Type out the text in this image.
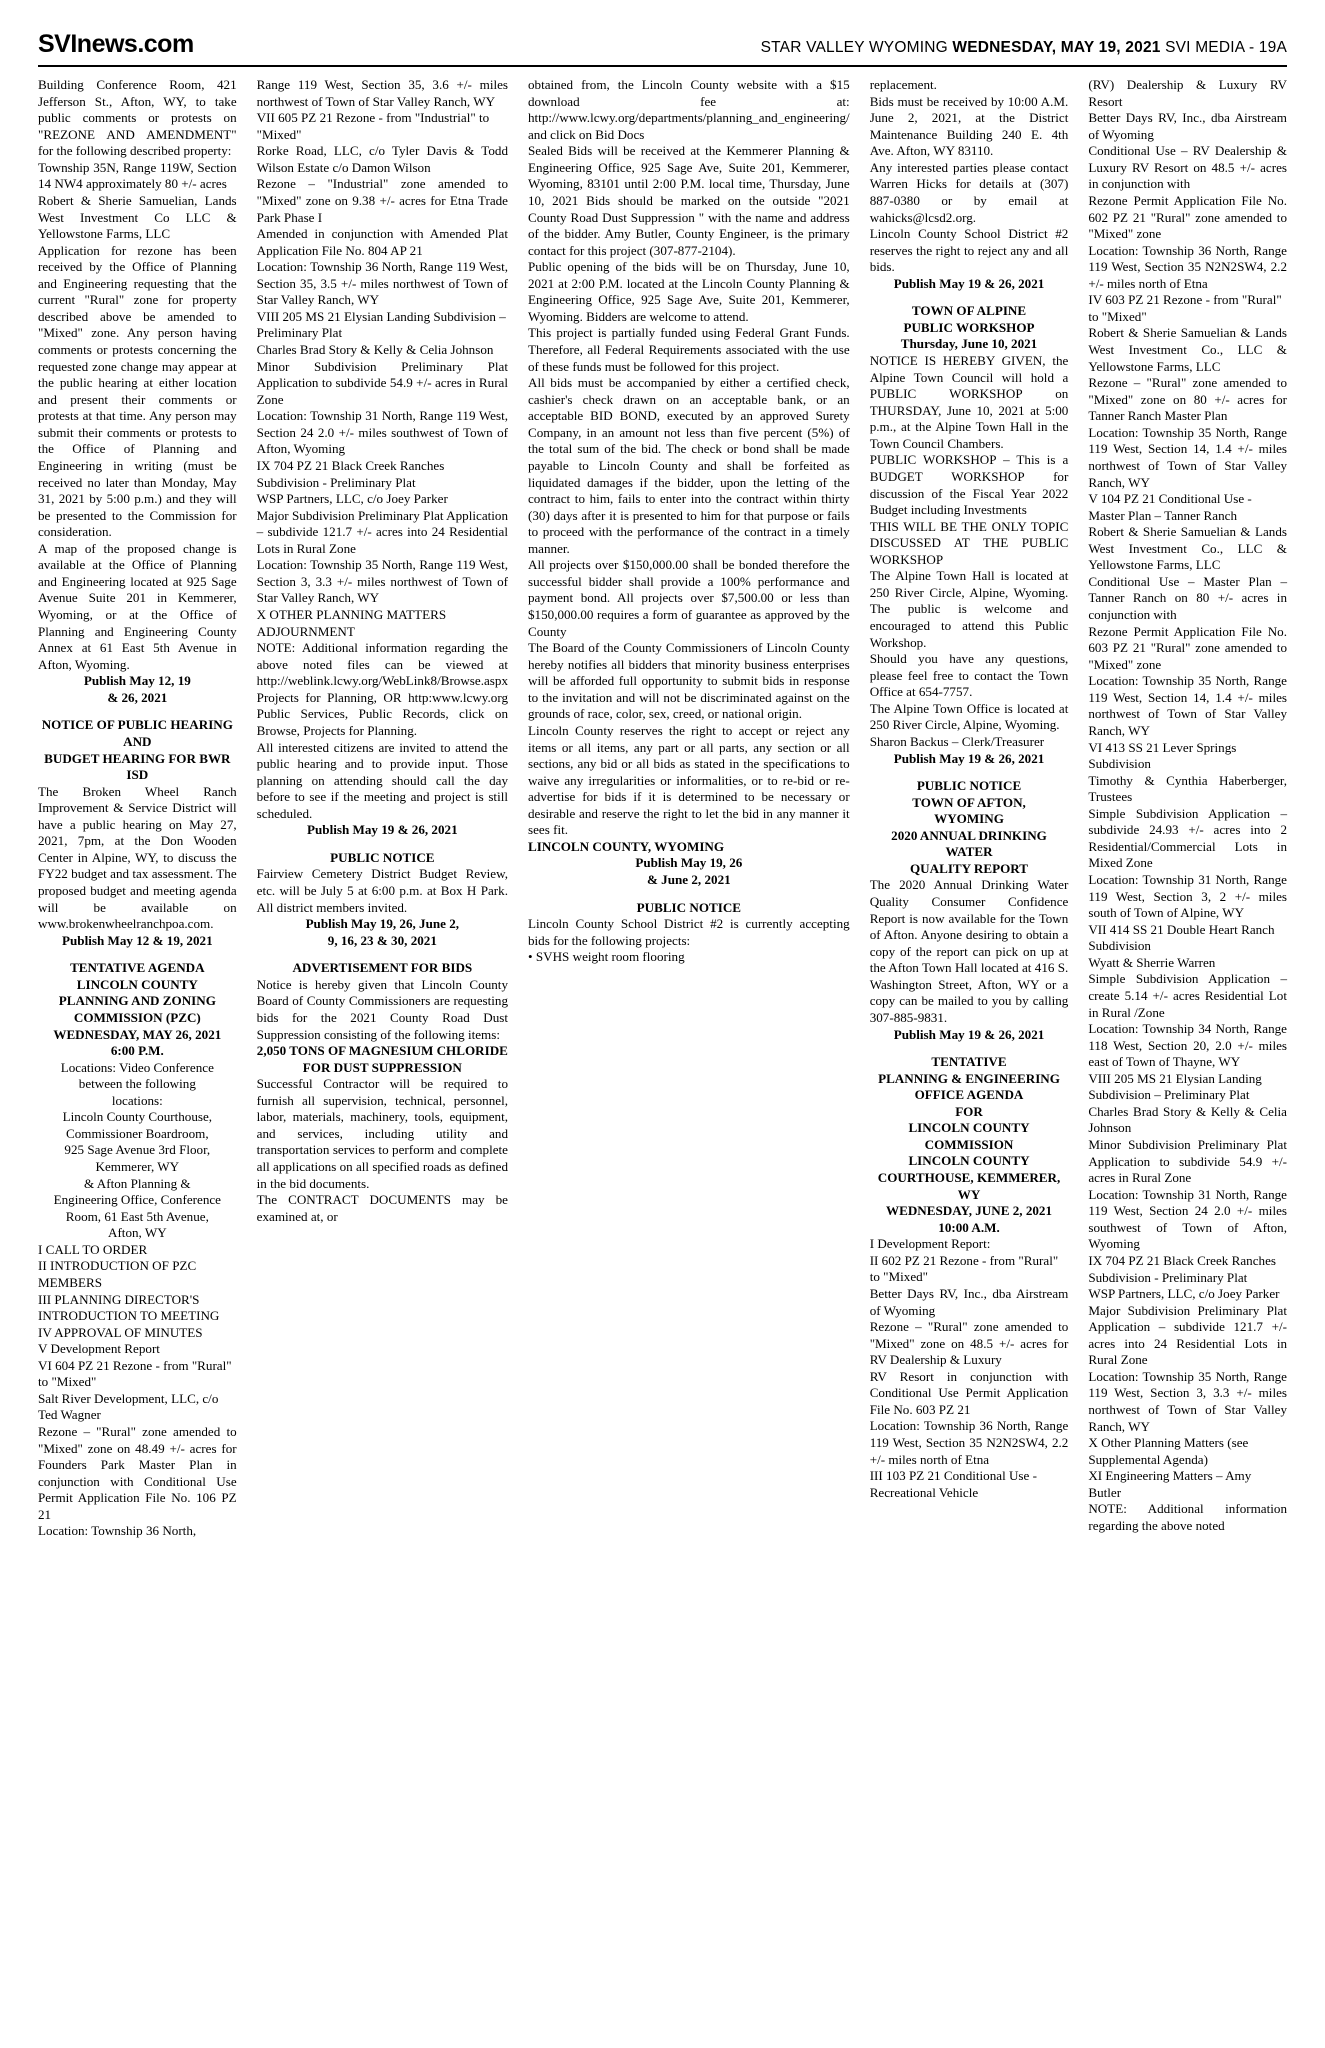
SVInews.com	STAR VALLEY WYOMING WEDNESDAY, MAY 19, 2021 SVI MEDIA - 19A

Building Conference Room, 421 Jefferson St., Afton, WY, to take public comments or protests on "REZONE AND AMENDMENT" for the following described property:

Township 35N, Range 119W, Section 14 NW4 approximately 80 +/- acres

Robert & Sherie Samuelian, Lands West Investment Co LLC & Yellowstone Farms, LLC

Application for rezone has been received by the Office of Planning and Engineering requesting that the current "Rural" zone for property described above be amended to "Mixed" zone. Any person having comments or protests concerning the requested zone change may appear at the public hearing at either location and present their comments or protests at that time. Any person may submit their comments or protests to the Office of Planning and Engineering in writing (must be received no later than Monday, May 31, 2021 by 5:00 p.m.) and they will be presented to the Commission for consideration.

A map of the proposed change is available at the Office of Planning and Engineering located at 925 Sage Avenue Suite 201 in Kemmerer, Wyoming, or at the Office of Planning and Engineering County Annex at 61 East 5th Avenue in Afton, Wyoming.

Publish May 12, 19

& 26, 2021

NOTICE OF PUBLIC HEARING

AND

BUDGET HEARING FOR BWR

ISD

The Broken Wheel Ranch Improvement & Service District will have a public hearing on May 27, 2021, 7pm, at the Don Wooden Center in Alpine, WY, to discuss the FY22 budget and tax assessment. The proposed budget and meeting agenda will be available on www.brokenwheelranchpoa.com.

Publish May 12 & 19, 2021

TENTATIVE AGENDA

LINCOLN COUNTY

PLANNING AND ZONING

COMMISSION (PZC)

WEDNESDAY, MAY 26, 2021

6:00 P.M.

Locations: Video Conference

between the following

locations:

Lincoln County Courthouse,

Commissioner Boardroom,

925 Sage Avenue 3rd Floor,

Kemmerer, WY

& Afton Planning &

Engineering Office, Conference

Room, 61 East 5th Avenue,

Afton, WY

I CALL TO ORDER

II INTRODUCTION OF PZC MEMBERS

III PLANNING DIRECTOR'S INTRODUCTION TO MEETING

IV APPROVAL OF MINUTES

V Development Report

VI 604 PZ 21 Rezone - from "Rural" to "Mixed"

Salt River Development, LLC, c/o Ted Wagner

Rezone – "Rural" zone amended to "Mixed" zone on 48.49 +/- acres for Founders Park Master Plan in conjunction with Conditional Use Permit Application File No. 106 PZ 21

Location: Township 36 North,

Range 119 West, Section 35, 3.6 +/- miles northwest of Town of Star Valley Ranch, WY

VII 605 PZ 21 Rezone - from "Industrial" to "Mixed"

Rorke Road, LLC, c/o Tyler Davis & Todd Wilson Estate c/o Damon Wilson

Rezone – "Industrial" zone amended to "Mixed" zone on 9.38 +/- acres for Etna Trade Park Phase I

Amended in conjunction with Amended Plat Application File No. 804 AP 21

Location: Township 36 North, Range 119 West, Section 35, 3.5 +/- miles northwest of Town of Star Valley Ranch, WY

VIII 205 MS 21 Elysian Landing Subdivision – Preliminary Plat

Charles Brad Story & Kelly & Celia Johnson

Minor Subdivision Preliminary Plat Application to subdivide 54.9 +/- acres in Rural Zone

Location: Township 31 North, Range 119 West, Section 24 2.0 +/- miles southwest of Town of Afton, Wyoming

IX 704 PZ 21 Black Creek Ranches Subdivision - Preliminary Plat

WSP Partners, LLC, c/o Joey Parker

Major Subdivision Preliminary Plat Application – subdivide 121.7 +/- acres into 24 Residential Lots in Rural Zone

Location: Township 35 North, Range 119 West, Section 3, 3.3 +/- miles northwest of Town of Star Valley Ranch, WY

X OTHER PLANNING MATTERS

ADJOURNMENT

NOTE: Additional information regarding the above noted files can be viewed at http://weblink.lcwy.org/WebLink8/Browse.aspx Projects for Planning, OR http:www.lcwy.org Public Services, Public Records, click on Browse, Projects for Planning.

All interested citizens are invited to attend the public hearing and to provide input. Those planning on attending should call the day before to see if the meeting and project is still scheduled.

Publish May 19 & 26, 2021

PUBLIC NOTICE

Fairview Cemetery District Budget Review, etc. will be July 5 at 6:00 p.m. at Box H Park. All district members invited.

Publish May 19, 26, June 2,

9, 16, 23 & 30, 2021

ADVERTISEMENT FOR BIDS

Notice is hereby given that Lincoln County Board of County Commissioners are requesting bids for the 2021 County Road Dust Suppression consisting of the following items:

2,050 TONS OF MAGNESIUM CHLORIDE FOR DUST SUPPRESSION

Successful Contractor will be required to furnish all supervision, technical, personnel, labor, materials, machinery, tools, equipment, and services, including utility and transportation services to perform and complete all applications on all specified roads as defined in the bid documents.

The CONTRACT DOCUMENTS may be examined at, or

obtained from, the Lincoln County website with a $15 download fee at: http://www.lcwy.org/departments/planning_and_engineering/ and click on Bid Docs

Sealed Bids will be received at the Kemmerer Planning & Engineering Office, 925 Sage Ave, Suite 201, Kemmerer, Wyoming, 83101 until 2:00 P.M. local time, Thursday, June 10, 2021 Bids should be marked on the outside "2021 County Road Dust Suppression " with the name and address of the bidder. Amy Butler, County Engineer, is the primary contact for this project (307-877-2104).

Public opening of the bids will be on Thursday, June 10, 2021 at 2:00 P.M. located at the Lincoln County Planning & Engineering Office, 925 Sage Ave, Suite 201, Kemmerer, Wyoming. Bidders are welcome to attend.

This project is partially funded using Federal Grant Funds. Therefore, all Federal Requirements associated with the use of these funds must be followed for this project.

All bids must be accompanied by either a certified check, cashier's check drawn on an acceptable bank, or an acceptable BID BOND, executed by an approved Surety Company, in an amount not less than five percent (5%) of the total sum of the bid. The check or bond shall be made payable to Lincoln County and shall be forfeited as liquidated damages if the bidder, upon the letting of the contract to him, fails to enter into the contract within thirty (30) days after it is presented to him for that purpose or fails to proceed with the performance of the contract in a timely manner.

All projects over $150,000.00 shall be bonded therefore the successful bidder shall provide a 100% performance and payment bond. All projects over $7,500.00 or less than $150,000.00 requires a form of guarantee as approved by the County

The Board of the County Commissioners of Lincoln County hereby notifies all bidders that minority business enterprises will be afforded full opportunity to submit bids in response to the invitation and will not be discriminated against on the grounds of race, color, sex, creed, or national origin.

Lincoln County reserves the right to accept or reject any items or all items, any part or all parts, any section or all sections, any bid or all bids as stated in the specifications to waive any irregularities or informalities, or to re-bid or re-advertise for bids if it is determined to be necessary or desirable and reserve the right to let the bid in any manner it sees fit.

LINCOLN COUNTY, WYOMING

Publish May 19, 26

& June 2, 2021

PUBLIC NOTICE

Lincoln County School District #2 is currently accepting bids for the following projects:

• SVHS weight room flooring

replacement.

Bids must be received by 10:00 A.M. June 2, 2021, at the District Maintenance Building 240 E. 4th Ave. Afton, WY 83110.

Any interested parties please contact Warren Hicks for details at (307) 887-0380 or by email at wahicks@lcsd2.org.

Lincoln County School District #2 reserves the right to reject any and all bids.

Publish May 19 & 26, 2021

TOWN OF ALPINE

PUBLIC WORKSHOP

Thursday, June 10, 2021

NOTICE IS HEREBY GIVEN, the Alpine Town Council will hold a PUBLIC WORKSHOP on THURSDAY, June 10, 2021 at 5:00 p.m., at the Alpine Town Hall in the Town Council Chambers.

PUBLIC WORKSHOP – This is a BUDGET WORKSHOP for discussion of the Fiscal Year 2022 Budget including Investments

THIS WILL BE THE ONLY TOPIC DISCUSSED AT THE PUBLIC WORKSHOP

The Alpine Town Hall is located at 250 River Circle, Alpine, Wyoming. The public is welcome and encouraged to attend this Public Workshop.

Should you have any questions, please feel free to contact the Town Office at 654-7757.

The Alpine Town Office is located at 250 River Circle, Alpine, Wyoming.

Sharon Backus – Clerk/Treasurer

Publish May 19 & 26, 2021

PUBLIC NOTICE

TOWN OF AFTON,

WYOMING

2020 ANNUAL DRINKING

WATER

QUALITY REPORT

The 2020 Annual Drinking Water Quality Consumer Confidence Report is now available for the Town of Afton. Anyone desiring to obtain a copy of the report can pick on up at the Afton Town Hall located at 416 S. Washington Street, Afton, WY or a copy can be mailed to you by calling 307-885-9831.

Publish May 19 & 26, 2021

TENTATIVE

PLANNING & ENGINEERING

OFFICE AGENDA

FOR

LINCOLN COUNTY

COMMISSION

LINCOLN COUNTY

COURTHOUSE, KEMMERER,

WY

WEDNESDAY, JUNE 2, 2021

10:00 A.M.

I Development Report:

II 602 PZ 21 Rezone - from "Rural" to "Mixed"

Better Days RV, Inc., dba Airstream of Wyoming

Rezone – "Rural" zone amended to "Mixed" zone on 48.5 +/- acres for RV Dealership & Luxury

RV Resort in conjunction with Conditional Use Permit Application File No. 603 PZ 21

Location: Township 36 North, Range 119 West, Section 35 N2N2SW4, 2.2 +/- miles north of Etna

III 103 PZ 21 Conditional Use - Recreational Vehicle

(RV) Dealership & Luxury RV Resort

Better Days RV, Inc., dba Airstream of Wyoming

Conditional Use – RV Dealership & Luxury RV Resort on 48.5 +/- acres in conjunction with

Rezone Permit Application File No. 602 PZ 21 "Rural" zone amended to "Mixed" zone

Location: Township 36 North, Range 119 West, Section 35 N2N2SW4, 2.2 +/- miles north of Etna

IV 603 PZ 21 Rezone - from "Rural" to "Mixed"

Robert & Sherie Samuelian & Lands West Investment Co., LLC & Yellowstone Farms, LLC

Rezone – "Rural" zone amended to "Mixed" zone on 80 +/- acres for Tanner Ranch Master Plan

Location: Township 35 North, Range 119 West, Section 14, 1.4 +/- miles northwest of Town of Star Valley Ranch, WY

V 104 PZ 21 Conditional Use - Master Plan – Tanner Ranch

Robert & Sherie Samuelian & Lands West Investment Co., LLC & Yellowstone Farms, LLC

Conditional Use – Master Plan – Tanner Ranch on 80 +/- acres in conjunction with

Rezone Permit Application File No. 603 PZ 21 "Rural" zone amended to "Mixed" zone

Location: Township 35 North, Range 119 West, Section 14, 1.4 +/- miles northwest of Town of Star Valley Ranch, WY

VI 413 SS 21 Lever Springs Subdivision

Timothy & Cynthia Haberberger, Trustees

Simple Subdivision Application – subdivide 24.93 +/- acres into 2 Residential/Commercial Lots in Mixed Zone

Location: Township 31 North, Range 119 West, Section 3, 2 +/- miles south of Town of Alpine, WY

VII 414 SS 21 Double Heart Ranch Subdivision

Wyatt & Sherrie Warren

Simple Subdivision Application – create 5.14 +/- acres Residential Lot in Rural /Zone

Location: Township 34 North, Range 118 West, Section 20, 2.0 +/- miles east of Town of Thayne, WY

VIII 205 MS 21 Elysian Landing Subdivision – Preliminary Plat

Charles Brad Story & Kelly & Celia Johnson

Minor Subdivision Preliminary Plat Application to subdivide 54.9 +/- acres in Rural Zone

Location: Township 31 North, Range 119 West, Section 24 2.0 +/- miles southwest of Town of Afton, Wyoming

IX 704 PZ 21 Black Creek Ranches Subdivision - Preliminary Plat

WSP Partners, LLC, c/o Joey Parker

Major Subdivision Preliminary Plat Application – subdivide 121.7 +/- acres into 24 Residential Lots in Rural Zone

Location: Township 35 North, Range 119 West, Section 3, 3.3 +/- miles northwest of Town of Star Valley Ranch, WY

X Other Planning Matters (see Supplemental Agenda)

XI Engineering Matters – Amy Butler

NOTE: Additional information regarding the above noted
